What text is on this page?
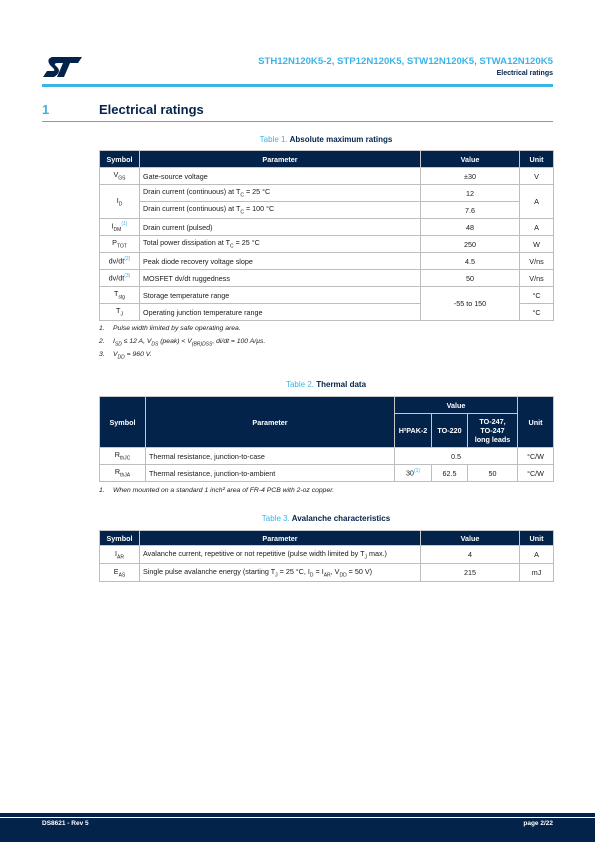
STH12N120K5-2, STP12N120K5, STW12N120K5, STWA12N120K5
Electrical ratings
1	Electrical ratings
Table 1. Absolute maximum ratings
Symbol	Parameter	Value	Unit
$V_{GS}$	Gate-source voltage	±30	V
$I_D$	Drain current (continuous) at $T_C = 25$ °C	12	A
	Drain current (continuous) at $T_C = 100$ °C	7.6	
$I_{DM}^{(1)}$	Drain current (pulsed)	48	A
$P_{TOT}$	Total power dissipation at $T_C = 25$ °C	250	W
dv/dt$^{(2)}$	Peak diode recovery voltage slope	4.5	V/ns
dv/dt$^{(3)}$	MOSFET dv/dt ruggedness	50	V/ns
$T_{stg}$	Storage temperature range	-55 to 150	°C
$T_J$	Operating junction temperature range		°C
1. Pulse width limited by safe operating area.
2. $I_{SD} \le 12$ A, $V_{DS}$ (peak) < $V_{(BR)DSS}$, di/dt = 100 A/µs.
3. $V_{DD} = 960$ V.
Table 2. Thermal data
Symbol	Parameter	Value			Unit
		H²PAK-2	TO-220	TO-247,
TO-247
long leads	
$R_{thJC}$	Thermal resistance, junction-to-case	0.5			°C/W
$R_{thJA}$	Thermal resistance, junction-to-ambient	30$^{(1)}$	62.5	50	°C/W
1. When mounted on a standard 1 inch² area of FR-4 PCB with 2-oz copper.
Table 3. Avalanche characteristics
Symbol	Parameter	Value	Unit
$I_{AR}$	Avalanche current, repetitive or not repetitive (pulse width limited by $T_J$ max.)	4	A
$E_{AS}$	Single pulse avalanche energy (starting $T_J = 25$ °C, $I_D = I_{AR}$, $V_{DD} = 50$ V)	215	mJ
DS8621 - Rev 5	page 2/22
